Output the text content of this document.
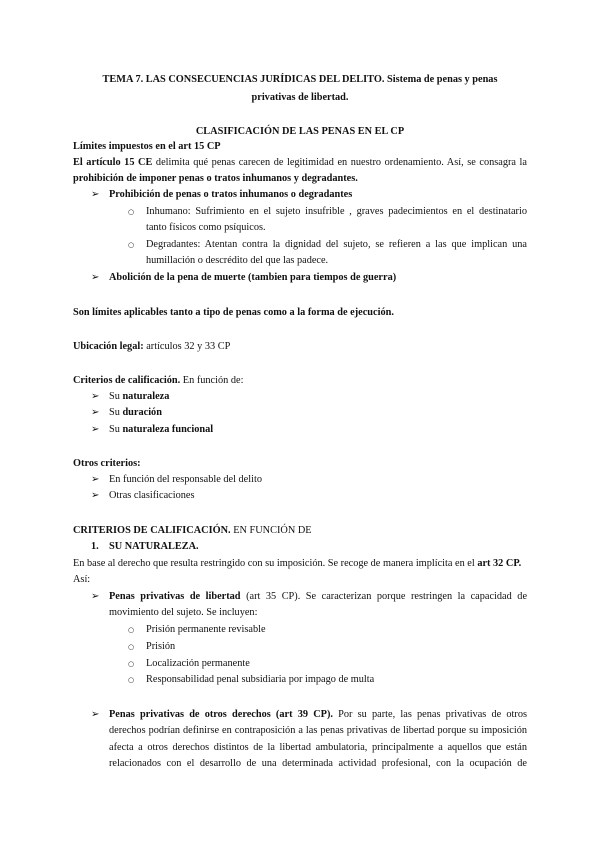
TEMA 7. LAS CONSECUENCIAS JURÍDICAS DEL DELITO. Sistema de penas y penas
privativas de libertad.
CLASIFICACIÓN DE LAS PENAS EN EL CP
Límites impuestos en el art 15 CP
El artículo 15 CE delimita qué penas carecen de legitimidad en nuestro ordenamiento. Así, se consagra la
prohibición de imponer penas o tratos inhumanos y degradantes.
➢ Prohibición de penas o tratos inhumanos o degradantes
○ Inhumano: Sufrimiento en el sujeto insufrible , graves padecimientos en el destinatario
tanto físicos como psíquicos.
○ Degradantes: Atentan contra la dignidad del sujeto, se refieren a las que implican una
humillación o descrédito del que las padece.
➢ Abolición de la pena de muerte (tambien para tiempos de guerra)
Son límites aplicables tanto a tipo de penas como a la forma de ejecución.
Ubicación legal: artículos 32 y 33 CP
Criterios de calificación. En función de:
➢ Su naturaleza
➢ Su duración
➢ Su naturaleza funcional
Otros criterios:
➢ En función del responsable del delito
➢ Otras clasificaciones
CRITERIOS DE CALIFICACIÓN. EN FUNCIÓN DE
1. SU NATURALEZA.
En base al derecho que resulta restringido con su imposición. Se recoge de manera implícita en el art 32 CP.
Así:
➢ Penas privativas de libertad (art 35 CP). Se caracterizan porque restringen la capacidad de
movimiento del sujeto. Se incluyen:
○ Prisión permanente revisable
○ Prisión
○ Localización permanente
○ Responsabilidad penal subsidiaria por impago de multa
➢ Penas privativas de otros derechos (art 39 CP). Por su parte, las penas privativas de otros
derechos podrían definirse en contraposición a las penas privativas de libertad porque su imposición
afecta a otros derechos distintos de la libertad ambulatoria, principalmente a aquellos que están
relacionados con el desarrollo de una determinada actividad profesional, con la ocupación de
